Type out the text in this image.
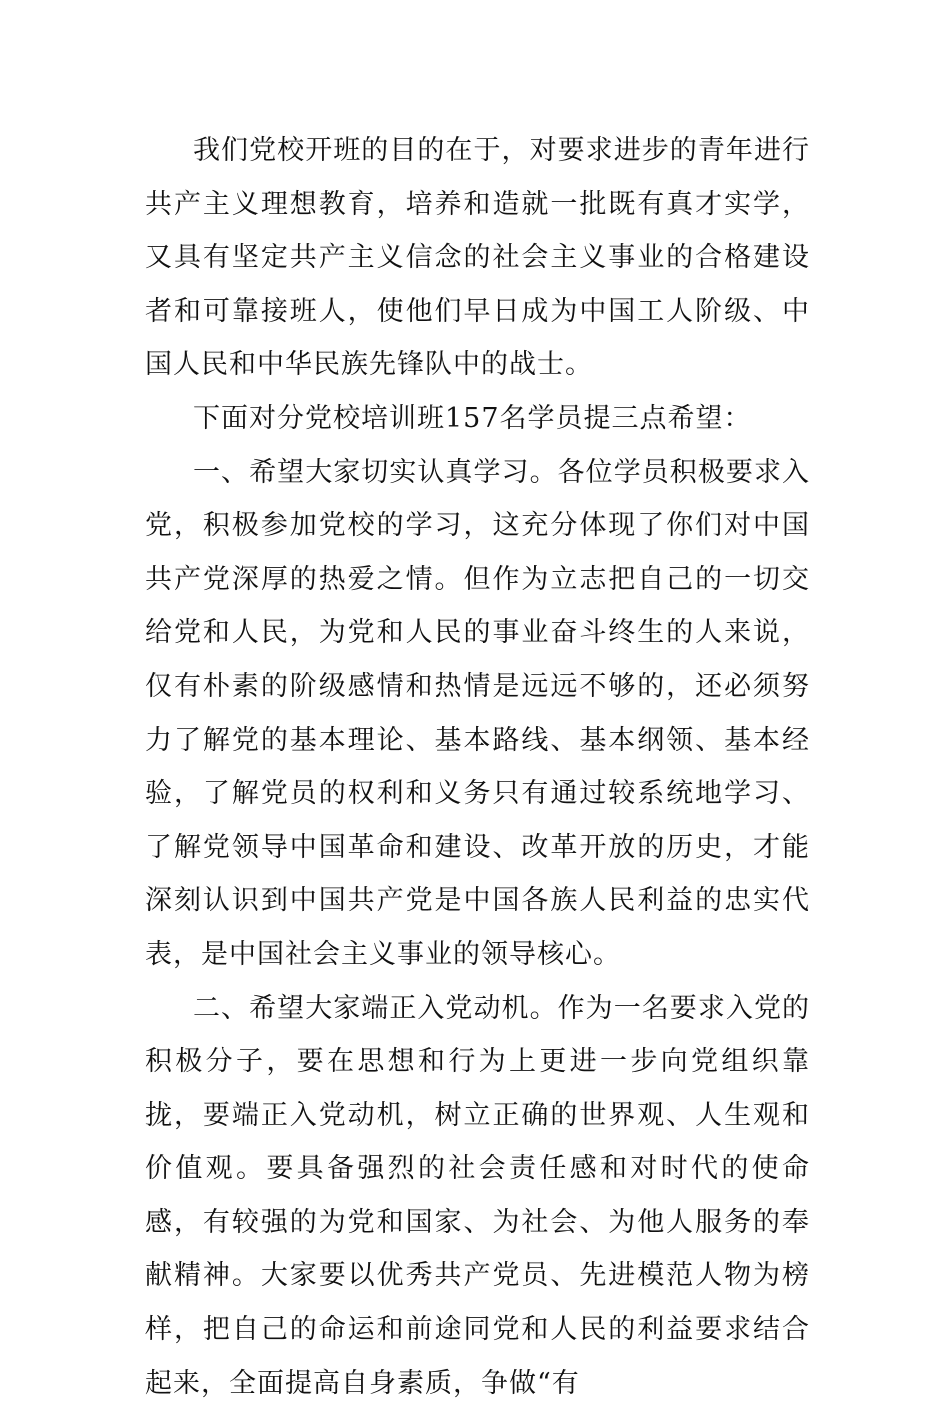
我们党校开班的目的在于，对要求进步的青年进行共产主义理想教育，培养和造就一批既有真才实学，又具有坚定共产主义信念的社会主义事业的合格建设者和可靠接班人，使他们早日成为中国工人阶级、中国人民和中华民族先锋队中的战士。

下面对分党校培训班157名学员提三点希望：

一、希望大家切实认真学习。各位学员积极要求入党，积极参加党校的学习，这充分体现了你们对中国共产党深厚的热爱之情。但作为立志把自己的一切交给党和人民，为党和人民的事业奋斗终生的人来说，仅有朴素的阶级感情和热情是远远不够的，还必须努力了解党的基本理论、基本路线、基本纲领、基本经验，了解党员的权利和义务只有通过较系统地学习、了解党领导中国革命和建设、改革开放的历史，才能深刻认识到中国共产党是中国各族人民利益的忠实代表，是中国社会主义事业的领导核心。

二、希望大家端正入党动机。作为一名要求入党的积极分子，要在思想和行为上更进一步向党组织靠拢，要端正入党动机，树立正确的世界观、人生观和价值观。要具备强烈的社会责任感和对时代的使命感，有较强的为党和国家、为社会、为他人服务的奉献精神。大家要以优秀共产党员、先进模范人物为榜样，把自己的命运和前途同党和人民的利益要求结合起来，全面提高自身素质，争做“有
